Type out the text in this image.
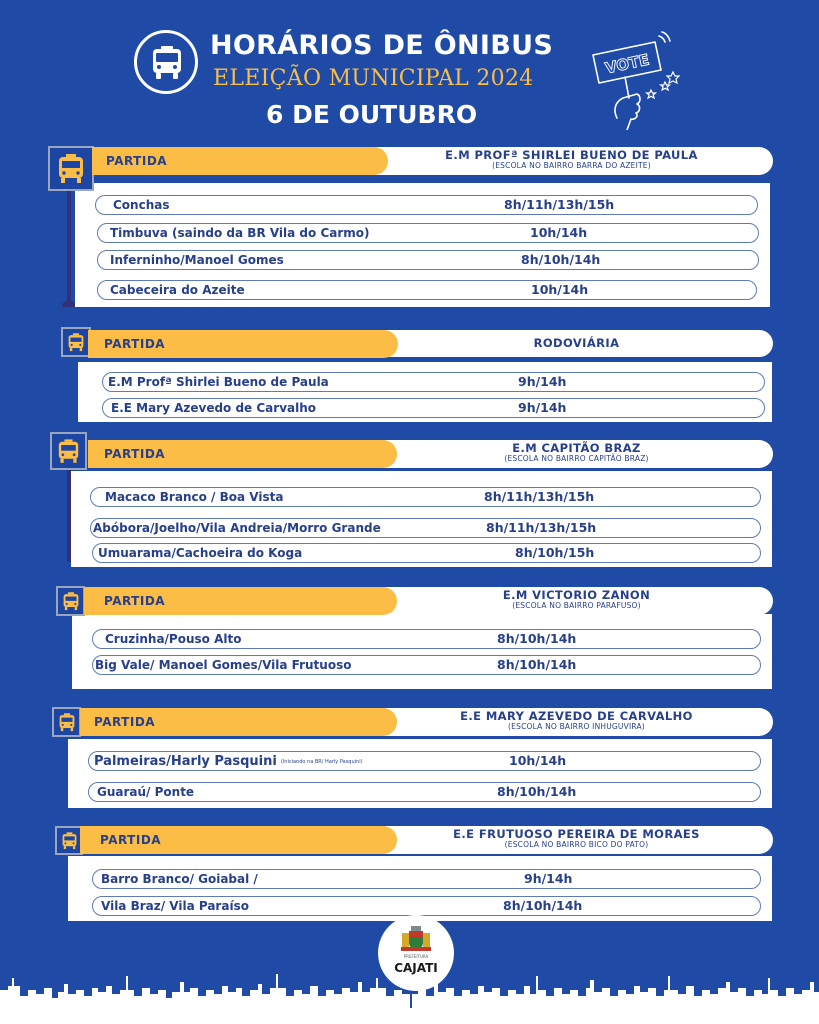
HORÁRIOS DE ÔNIBUS
ELEIÇÃO MUNICIPAL 2024
6 DE OUTUBRO
VOTE
E.M PROFª SHIRLEI BUENO DE PAULA
(ESCOLA NO BAIRRO BARRA DO AZEITE)
PARTIDA
Conchas	8h/11h/13h/15h
Timbuva (saindo da BR Vila do Carmo)	10h/14h
Inferninho/Manoel Gomes	8h/10h/14h
Cabeceira do Azeite	10h/14h
RODOVIÁRIA
PARTIDA
E.M Profª Shirlei Bueno de Paula	9h/14h
E.E Mary Azevedo de Carvalho	9h/14h
E.M CAPITÃO BRAZ
(ESCOLA NO BAIRRO CAPITÃO BRAZ)
PARTIDA
Macaco Branco / Boa Vista	8h/11h/13h/15h
Abóbora/Joelho/Vila Andreia/Morro Grande	8h/11h/13h/15h
Umuarama/Cachoeira do Koga	8h/10h/15h
E.M VICTORIO ZANON
(ESCOLA NO BAIRRO PARAFUSO)
PARTIDA
Cruzinha/Pouso Alto	8h/10h/14h
Big Vale/ Manoel Gomes/Vila Frutuoso	8h/10h/14h
E.E MARY AZEVEDO DE CARVALHO
(ESCOLA NO BAIRRO INHUGUVIRA)
PARTIDA
Palmeiras/Harly Pasquini (Iniciando na BR/ Harly Pasquini)	10h/14h
Guaraú/ Ponte	8h/10h/14h
E.E FRUTUOSO PEREIRA DE MORAES
(ESCOLA NO BAIRRO BICO DO PATO)
PARTIDA
Barro Branco/ Goiabal /	9h/14h
Vila Braz/ Vila Paraíso	8h/10h/14h
PREFEITURA
CAJATI
